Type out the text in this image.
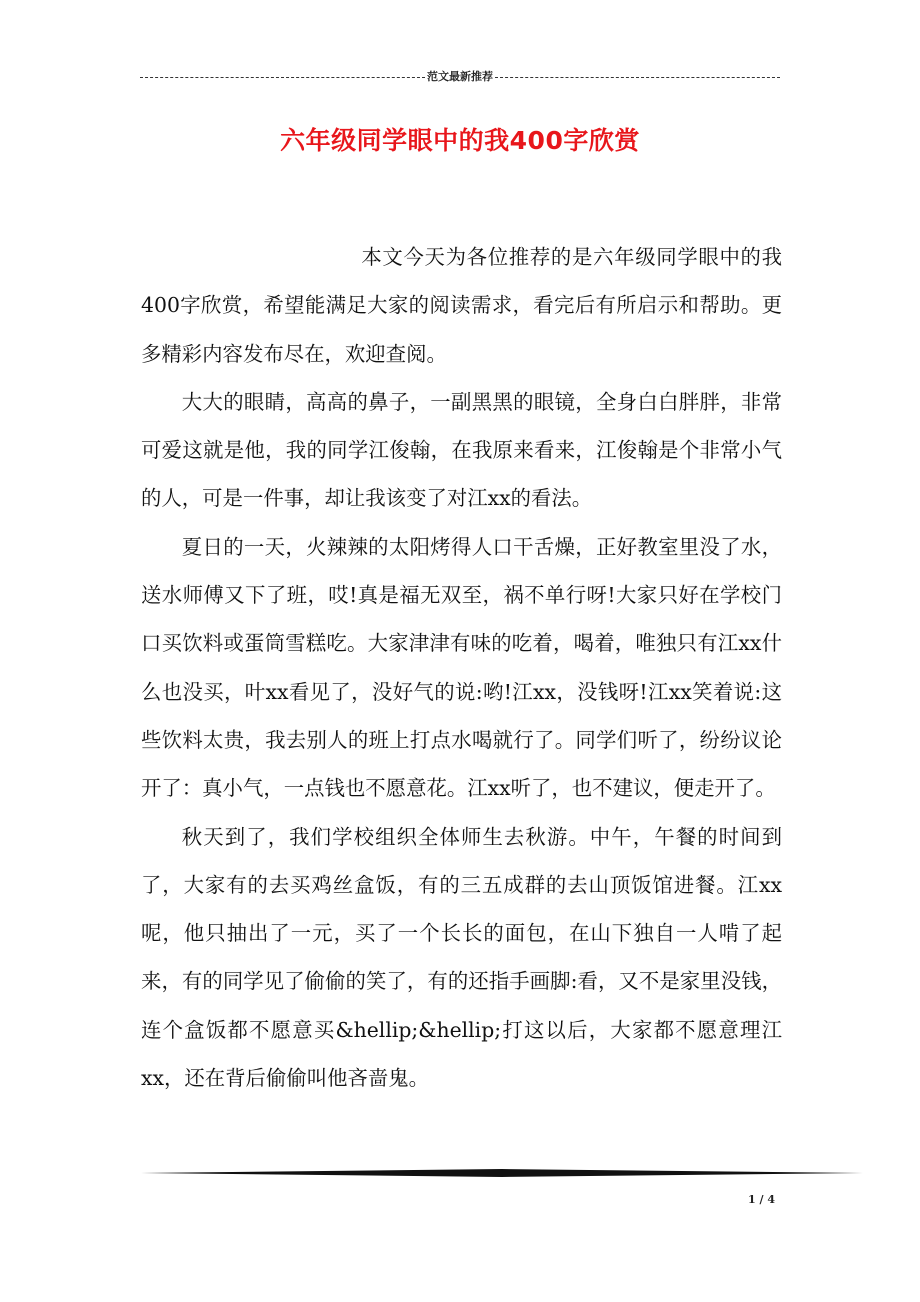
范文最新推荐
六年级同学眼中的我400字欣赏

本文今天为各位推荐的是六年级同学眼中的我400字欣赏，希望能满足大家的阅读需求，看完后有所启示和帮助。更多精彩内容发布尽在，欢迎查阅。

大大的眼睛，高高的鼻子，一副黑黑的眼镜，全身白白胖胖，非常可爱这就是他，我的同学江俊翰，在我原来看来，江俊翰是个非常小气的人，可是一件事，却让我该变了对江xx的看法。

夏日的一天，火辣辣的太阳烤得人口干舌燥，正好教室里没了水，送水师傅又下了班，哎!真是福无双至，祸不单行呀!大家只好在学校门口买饮料或蛋筒雪糕吃。大家津津有味的吃着，喝着，唯独只有江xx什么也没买，叶xx看见了，没好气的说:哟!江xx，没钱呀!江xx笑着说:这些饮料太贵，我去别人的班上打点水喝就行了。同学们听了，纷纷议论开了：真小气，一点钱也不愿意花。江xx听了，也不建议，便走开了。

秋天到了，我们学校组织全体师生去秋游。中午，午餐的时间到了，大家有的去买鸡丝盒饭，有的三五成群的去山顶饭馆进餐。江xx呢，他只抽出了一元，买了一个长长的面包，在山下独自一人啃了起来，有的同学见了偷偷的笑了，有的还指手画脚:看，又不是家里没钱，连个盒饭都不愿意买&hellip;&hellip;打这以后，大家都不愿意理江xx，还在背后偷偷叫他吝啬鬼。

1 / 4
